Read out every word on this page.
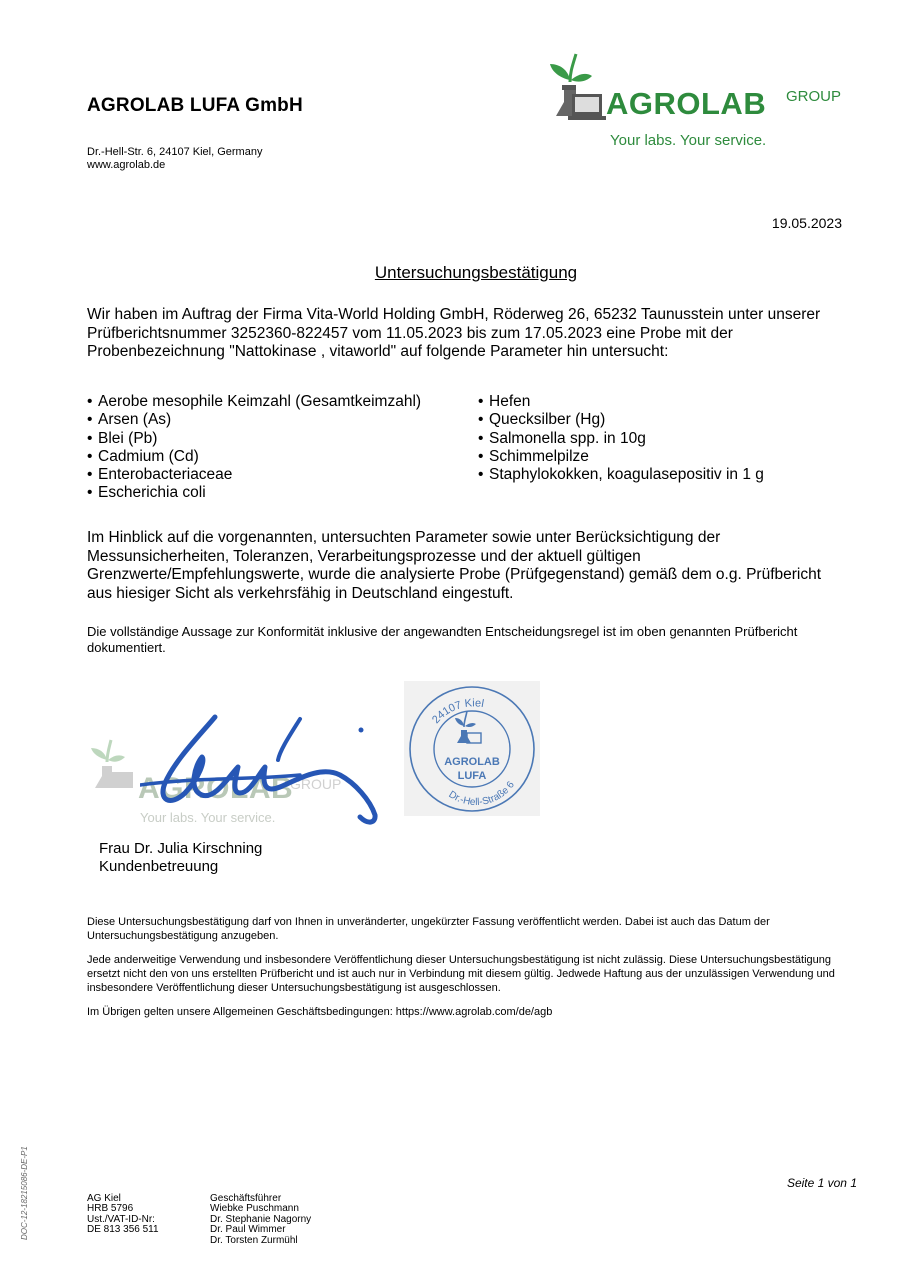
AGROLAB LUFA GmbH
Dr.-Hell-Str. 6, 24107 Kiel, Germany
www.agrolab.de
AGROLAB GROUP
Your labs. Your service.
19.05.2023
Untersuchungsbestätigung
Wir haben im Auftrag der Firma Vita-World Holding GmbH, Röderweg 26, 65232 Taunusstein unter unserer Prüfberichtsnummer 3252360-822457 vom 11.05.2023 bis zum 17.05.2023 eine Probe mit der Probenbezeichnung "Nattokinase , vitaworld" auf folgende Parameter hin untersucht:
• Aerobe mesophile Keimzahl (Gesamtkeimzahl)
• Arsen (As)
• Blei (Pb)
• Cadmium (Cd)
• Enterobacteriaceae
• Escherichia coli
• Hefen
• Quecksilber (Hg)
• Salmonella spp. in 10g
• Schimmelpilze
• Staphylokokken, koagulasepositiv in 1 g
Im Hinblick auf die vorgenannten, untersuchten Parameter sowie unter Berücksichtigung der Messunsicherheiten, Toleranzen, Verarbeitungsprozesse und der aktuell gültigen Grenzwerte/Empfehlungswerte, wurde die analysierte Probe (Prüfgegenstand) gemäß dem o.g. Prüfbericht aus hiesiger Sicht als verkehrsfähig in Deutschland eingestuft.
Die vollständige Aussage zur Konformität inklusive der angewandten Entscheidungsregel ist im oben genannten Prüfbericht dokumentiert.
AGROLAB
GROUP
Your labs. Your service.
24107 Kiel
Dr.-Hell-Straße 6
AGROLAB
LUFA
Frau Dr. Julia Kirschning
Kundenbetreuung

Diese Untersuchungsbestätigung darf von Ihnen in unveränderter, ungekürzter Fassung veröffentlicht werden. Dabei ist auch das Datum der Untersuchungsbestätigung anzugeben.

Jede anderweitige Verwendung und insbesondere Veröffentlichung dieser Untersuchungsbestätigung ist nicht zulässig. Diese Untersuchungsbestätigung ersetzt nicht den von uns erstellten Prüfbericht und ist auch nur in Verbindung mit diesem gültig. Jedwede Haftung aus der unzulässigen Verwendung und insbesondere Veröffentlichung dieser Untersuchungsbestätigung ist ausgeschlossen.

Im Übrigen gelten unsere Allgemeinen Geschäftsbedingungen: https://www.agrolab.com/de/agb

DOC-12-18215086-DE-P1	Seite 1 von 1
AG Kiel
HRB 5796
Ust./VAT-ID-Nr:
DE 813 356 511
Geschäftsführer
Wiebke Puschmann
Dr. Stephanie Nagorny
Dr. Paul Wimmer
Dr. Torsten Zurmühl
